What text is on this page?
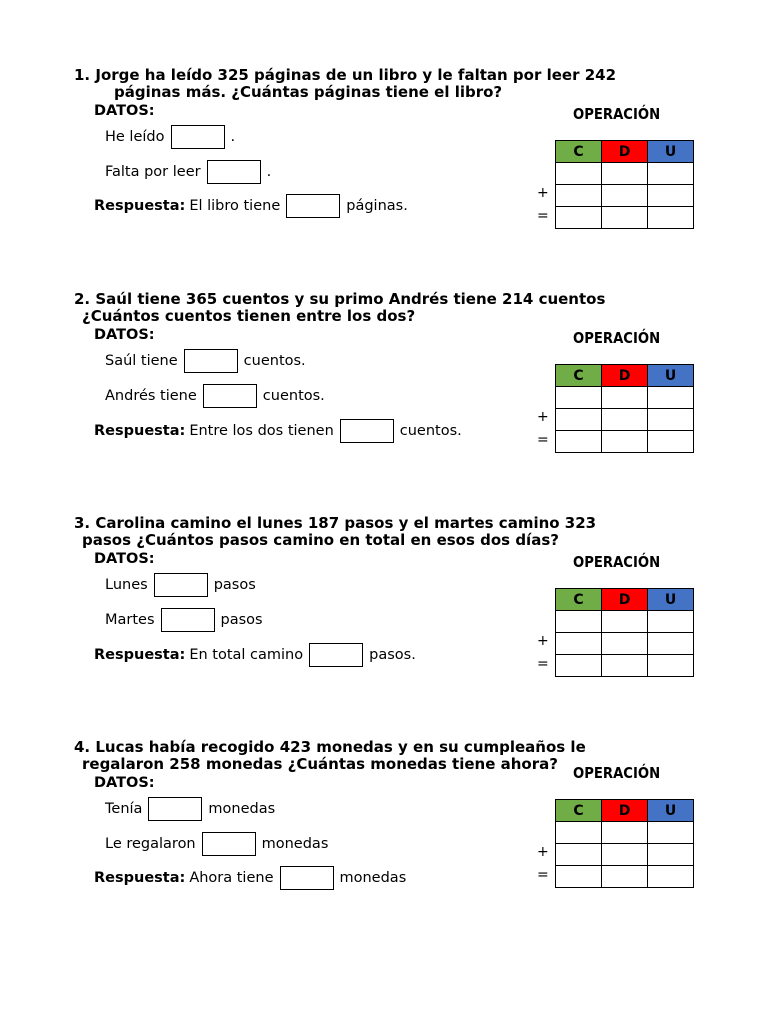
1. Jorge ha leído 325 páginas de un libro y le faltan por leer 242
páginas más. ¿Cuántas páginas tiene el libro?
DATOS:
He leído	.
Falta por leer	.
Respuesta: El libro tiene	páginas.
OPERACIÓN
+
=
C	D	U

2. Saúl tiene 365 cuentos y su primo Andrés tiene 214 cuentos
¿Cuántos cuentos tienen entre los dos?
DATOS:
Saúl tiene	cuentos.
Andrés tiene	cuentos.
Respuesta: Entre los dos tienen	cuentos.
OPERACIÓN
+
=
C	D	U

3. Carolina camino el lunes 187 pasos y el martes camino 323
pasos ¿Cuántos pasos camino en total en esos dos días?
DATOS:
Lunes	pasos
Martes	pasos
Respuesta: En total camino	pasos.
OPERACIÓN
+
=
C	D	U

4. Lucas había recogido 423 monedas y en su cumpleaños le
regalaron 258 monedas ¿Cuántas monedas tiene ahora?
DATOS:
Tenía	monedas
Le regalaron	monedas
Respuesta: Ahora tiene	monedas
OPERACIÓN
+
=
C	D	U
